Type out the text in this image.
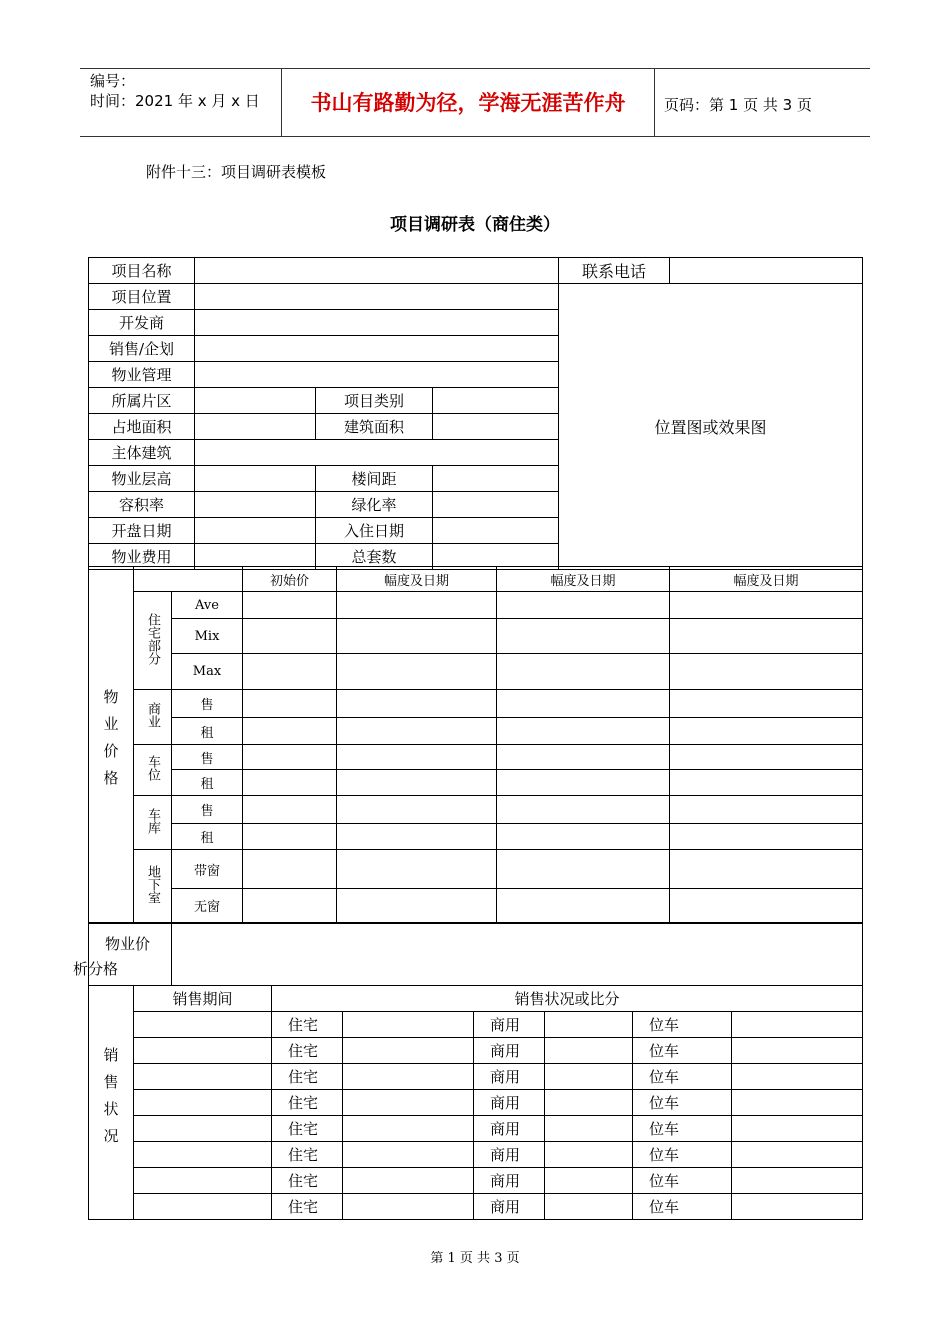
编号：
时间：2021 年 x 月 x 日	书山有路勤为径，学海无涯苦作舟	页码：第 1 页 共 3 页
附件十三：项目调研表模板
项目调研表（商住类）
项目名称				联系电话	
项目位置				位置图或效果图	
开发商					
销售/企划					
物业管理					
所属片区		项目类别			
占地面积		建筑面积			
主体建筑					
物业层高		楼间距			
容积率		绿化率			
开盘日期		入住日期			
物业费用		总套数			
物业价格			初始价	幅度及日期	幅度及日期	幅度及日期
	住宅部分	Ave				
		Mix				
		Max				
	商业	售				
		租				
	车位	售				
		租				
	车库	售				
		租				
	地下室	带窗				
		无窗				
物业价
析分格

销售状况	销售期间	销售状况或比分					
		住宅		商用		位车	
		住宅		商用		位车	
		住宅		商用		位车	
		住宅		商用		位车	
		住宅		商用		位车	
		住宅		商用		位车	
		住宅		商用		位车	
		住宅		商用		位车	
第 1 页 共 3 页
